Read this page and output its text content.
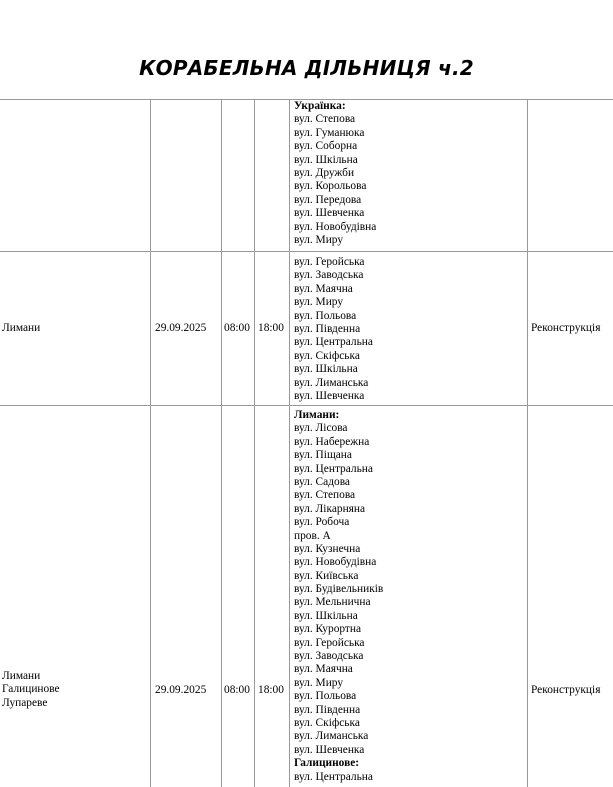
КОРАБЕЛЬНА ДІЛЬНИЦЯ ч.2
Українка:
вул. Степова
вул. Гуманюка
вул. Соборна
вул. Шкільна
вул. Дружби
вул. Корольова
вул. Передова
вул. Шевченка
вул. Новобудівна
вул. Миру
Лимани	29.09.2025 08:00 18:00
вул. Геройська
вул. Заводська
вул. Маячна
вул. Миру
вул. Польова
вул. Південна
вул. Центральна
вул. Скіфська
вул. Шкільна
вул. Лиманська
вул. Шевченка
Реконструкція
Лимани
Галицинове
Лупареве
29.09.2025 08:00 18:00
Лимани:
вул. Лісова
вул. Набережна
вул. Піщана
вул. Центральна
вул. Садова
вул. Степова
вул. Лікарняна
вул. Робоча
пров. А
вул. Кузнечна
вул. Новобудівна
вул. Київська
вул. Будівельників
вул. Мельнична
вул. Шкільна
вул. Курортна
вул. Геройська
вул. Заводська
вул. Маячна
вул. Миру
вул. Польова
вул. Південна
вул. Скіфська
вул. Лиманська
вул. Шевченка
Галицинове:
вул. Центральна
Реконструкція
